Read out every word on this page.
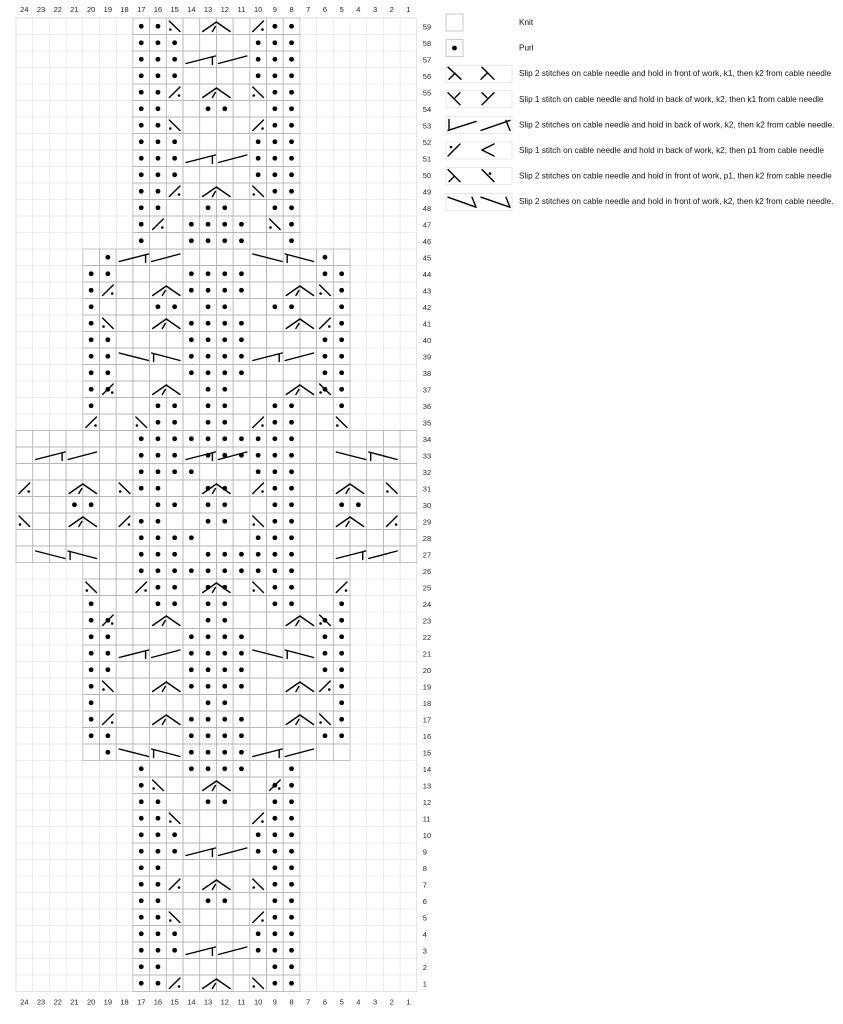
24 23 22 21 20 19 18 17 16 15 14 13 12 11 10 9 8 7 6 5 4 3 2 1
24 23 22 21 20 19 18 17 16 15 14 13 12 11 10 9 8 7 6 5 4 3 2 1
1
2
3
4
5
6
7
8
9
10
11
12
13
14
15
16
17
18
19
20
21
22
23
24
25
26
27
28
29
30
31
32
33
34
35
36
37
38
39
40
41
42
43
44
45
46
47
48
49
50
51
52
53
54
55
56
57
58
59	Knit
Purl
Slip 2 stitches on cable needle and hold in front of work, k1, then k2 from cable needle
Slip 1 stitch on cable needle and hold in back of work, k2, then k1 from cable needle
Slip 2 stitches on cable needle and hold in back of work, k2, then k2 from cable needle.
Slip 1 stitch on cable needle and hold in back of work, k2, then p1 from cable needle
Slip 2 stitches on cable needle and hold in front of work, p1, then k2 from cable needle
Slip 2 stitches on cable needle and hold in front of work, k2, then k2 from cable needle.
